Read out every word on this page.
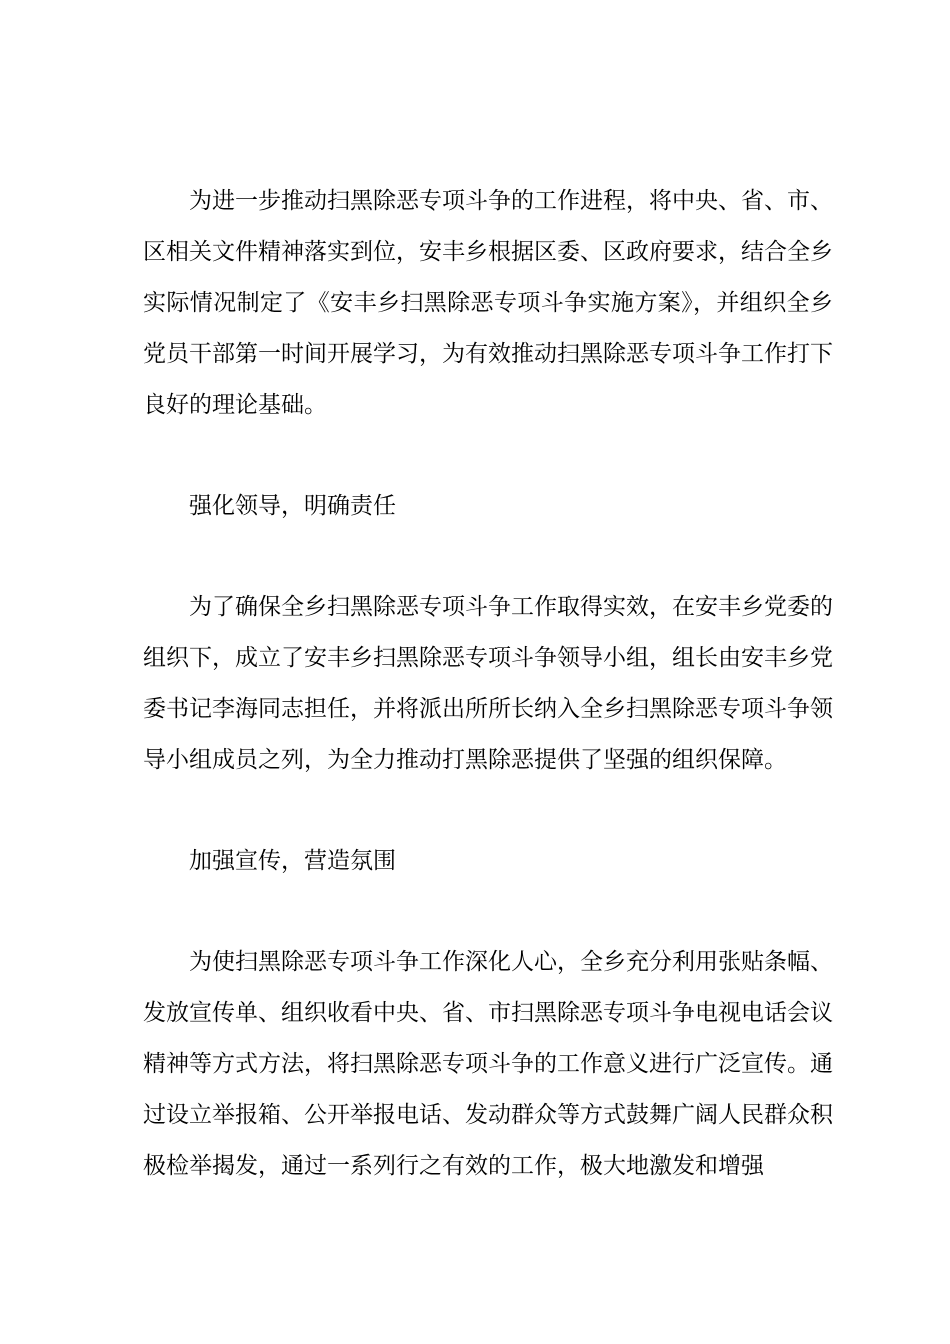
为进一步推动扫黑除恶专项斗争的工作进程，将中央、省、市、区相关文件精神落实到位，安丰乡根据区委、区政府要求，结合全乡实际情况制定了《安丰乡扫黑除恶专项斗争实施方案》，并组织全乡党员干部第一时间开展学习，为有效推动扫黑除恶专项斗争工作打下良好的理论基础。

强化领导，明确责任

为了确保全乡扫黑除恶专项斗争工作取得实效，在安丰乡党委的组织下，成立了安丰乡扫黑除恶专项斗争领导小组，组长由安丰乡党委书记李海同志担任，并将派出所所长纳入全乡扫黑除恶专项斗争领导小组成员之列，为全力推动打黑除恶提供了坚强的组织保障。

加强宣传，营造氛围

为使扫黑除恶专项斗争工作深化人心，全乡充分利用张贴条幅、发放宣传单、组织收看中央、省、市扫黑除恶专项斗争电视电话会议精神等方式方法，将扫黑除恶专项斗争的工作意义进行广泛宣传。通过设立举报箱、公开举报电话、发动群众等方式鼓舞广阔人民群众积极检举揭发，通过一系列行之有效的工作，极大地激发和增强
